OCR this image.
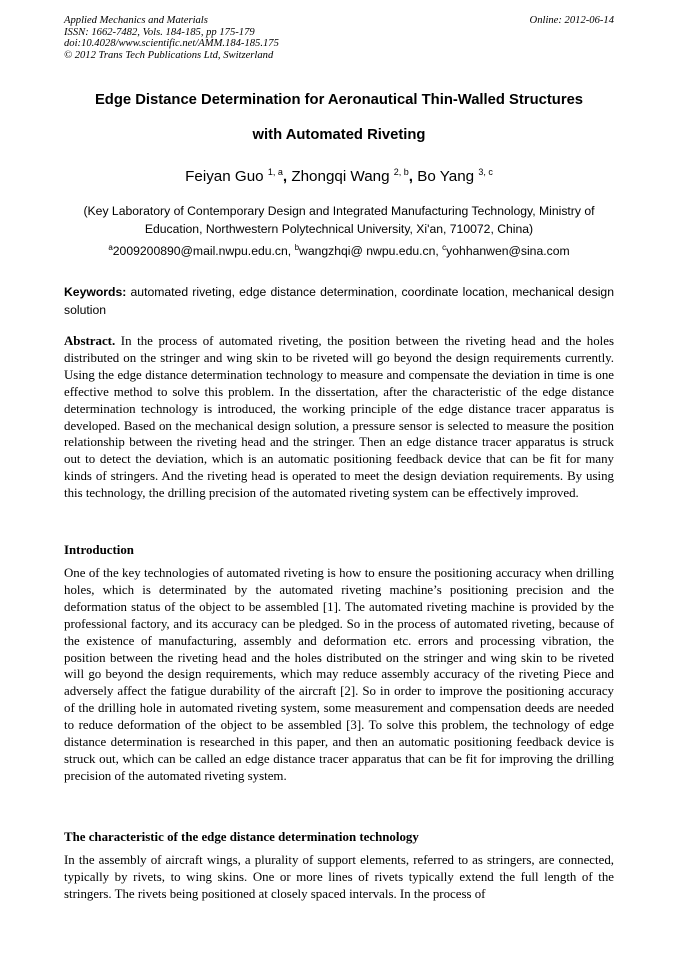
Applied Mechanics and Materials
ISSN: 1662-7482, Vols. 184-185, pp 175-179
doi:10.4028/www.scientific.net/AMM.184-185.175
© 2012 Trans Tech Publications Ltd, Switzerland
Online: 2012-06-14
Edge Distance Determination for Aeronautical Thin-Walled Structures
with Automated Riveting
Feiyan Guo $^{1, a}$, Zhongqi Wang $^{2, b}$, Bo Yang $^{3, c}$
(Key Laboratory of Contemporary Design and Integrated Manufacturing Technology, Ministry of Education, Northwestern Polytechnical University, Xi'an, 710072, China)
$^a$2009200890@mail.nwpu.edu.cn, $^b$wangzhqi@ nwpu.edu.cn, $^c$yohhanwen@sina.com
Keywords: automated riveting, edge distance determination, coordinate location, mechanical design solution
Abstract. In the process of automated riveting, the position between the riveting head and the holes distributed on the stringer and wing skin to be riveted will go beyond the design requirements currently. Using the edge distance determination technology to measure and compensate the deviation in time is one effective method to solve this problem. In the dissertation, after the characteristic of the edge distance determination technology is introduced, the working principle of the edge distance tracer apparatus is developed. Based on the mechanical design solution, a pressure sensor is selected to measure the position relationship between the riveting head and the stringer. Then an edge distance tracer apparatus is struck out to detect the deviation, which is an automatic positioning feedback device that can be fit for many kinds of stringers. And the riveting head is operated to meet the design deviation requirements. By using this technology, the drilling precision of the automated riveting system can be effectively improved.
Introduction
One of the key technologies of automated riveting is how to ensure the positioning accuracy when drilling holes, which is determinated by the automated riveting machine’s positioning precision and the deformation status of the object to be assembled [1]. The automated riveting machine is provided by the professional factory, and its accuracy can be pledged. So in the process of automated riveting, because of the existence of manufacturing, assembly and deformation etc. errors and processing vibration, the position between the riveting head and the holes distributed on the stringer and wing skin to be riveted will go beyond the design requirements, which may reduce assembly accuracy of the riveting Piece and adversely affect the fatigue durability of the aircraft [2]. So in order to improve the positioning accuracy of the drilling hole in automated riveting system, some measurement and compensation deeds are needed to reduce deformation of the object to be assembled [3]. To solve this problem, the technology of edge distance determination is researched in this paper, and then an automatic positioning feedback device is struck out, which can be called an edge distance tracer apparatus that can be fit for improving the drilling precision of the automated riveting system.
The characteristic of the edge distance determination technology
In the assembly of aircraft wings, a plurality of support elements, referred to as stringers, are connected, typically by rivets, to wing skins. One or more lines of rivets typically extend the full length of the stringers. The rivets being positioned at closely spaced intervals. In the process of
